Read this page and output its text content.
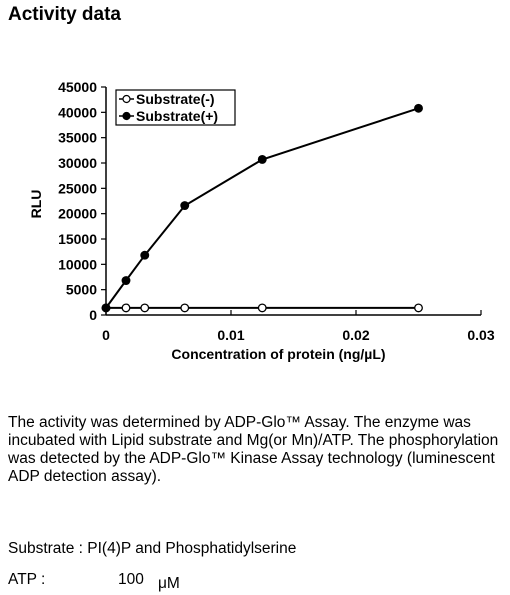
Activity data
0
5000
10000
15000
20000
25000
30000
35000
40000
45000
0	0.01	0.02	0.03
Concentration of protein (ng/µL)
RLU
Substrate(-)
Substrate(+)

The activity was determined by ADP-Glo™ Assay. The enzyme was incubated with Lipid substrate and Mg(or Mn)/ATP. The phosphorylation was detected by the ADP-Glo™ Kinase Assay technology (luminescent ADP detection assay).

Substrate : PI(4)P and Phosphatidylserine
ATP :	100 μM
